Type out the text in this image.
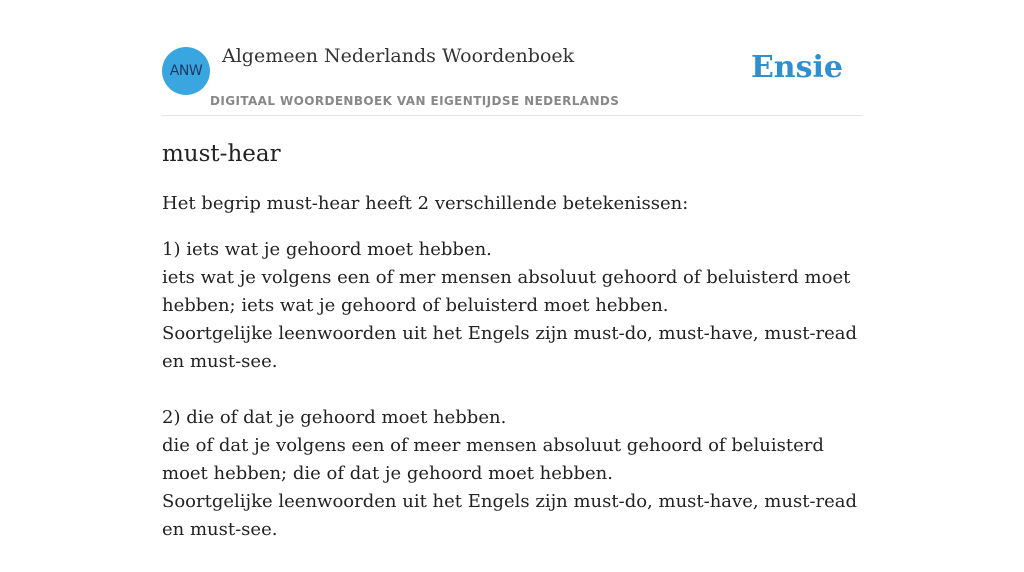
ANW
Algemeen Nederlands Woordenboek
DIGITAAL WOORDENBOEK VAN EIGENTIJDSE NEDERLANDS
Ensie
must-hear

Het begrip must-hear heeft 2 verschillende betekenissen:

1) iets wat je gehoord moet hebben.

iets wat je volgens een of mer mensen absoluut gehoord of beluisterd moet hebben; iets wat je gehoord of beluisterd moet hebben.

Soortgelijke leenwoorden uit het Engels zijn must-do, must-have, must-read en must-see.

2) die of dat je gehoord moet hebben.

die of dat je volgens een of meer mensen absoluut gehoord of beluisterd moet hebben; die of dat je gehoord moet hebben.

Soortgelijke leenwoorden uit het Engels zijn must-do, must-have, must-read en must-see.
